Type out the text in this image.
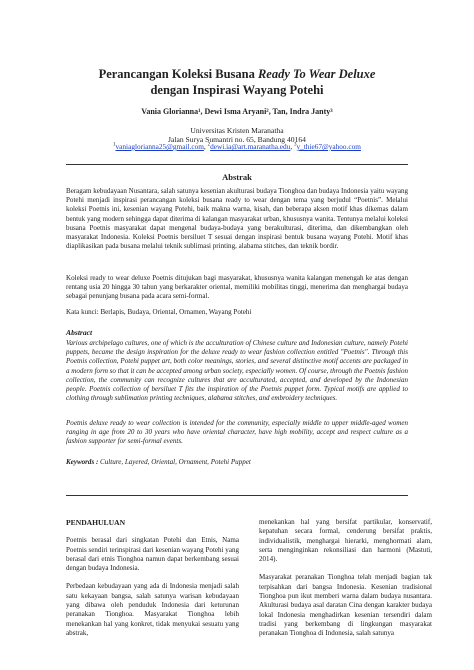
Perancangan Koleksi Busana Ready To Wear Deluxe
dengan Inspirasi Wayang Potehi
Vania Glorianna¹, Dewi Isma Aryani², Tan, Indra Janty³
Universitas Kristen Maranatha
Jalan Surya Sumantri no. 65, Bandung 40164
$^1$vaniaglorianna25@gmail.com, $^2$dewi.ia@art.maranatha.edu, $^3$y_thie67@yahoo.com
Abstrak

Beragam kebudayaan Nusantara, salah satunya kesenian akulturasi budaya Tionghoa dan budaya Indonesia yaitu wayang Potehi menjadi inspirasi perancangan koleksi busana ready to wear dengan tema yang berjudul “Poetnis”. Melalui koleksi Poetnis ini, kesenian wayang Potehi, baik makna warna, kisah, dan beberapa aksen motif khas dikemas dalam bentuk yang modern sehingga dapat diterima di kalangan masyarakat urban, khususnya wanita. Tentunya melalui koleksi busana Poetnis masyarakat dapat mengenal budaya-budaya yang berakulturasi, diterima, dan dikembangkan oleh masyarakat Indonesia. Koleksi Poetnis bersiluet T sesuai dengan inspirasi bentuk busana wayang Potehi. Motif khas diaplikasikan pada busana melalui teknik sublimasi printing, alabama stitches, dan teknik bordir.

Koleksi ready to wear deluxe Poetnis ditujukan bagi masyarakat, khususnya wanita kalangan menengah ke atas dengan rentang usia 20 hingga 30 tahun yang berkarakter oriental, memiliki mobilitas tinggi, menerima dan menghargai budaya sebagai penunjang busana pada acara semi-formal.

Kata kunci: Berlapis, Budaya, Oriental, Ornamen, Wayang Potehi

Abstract

Various archipelago cultures, one of which is the acculturation of Chinese culture and Indonesian culture, namely Potehi puppets, became the design inspiration for the deluxe ready to wear fashion collection entitled "Poetnis". Through this Poetnis collection, Potehi puppet art, both color meanings, stories, and several distinctive motif accents are packaged in a modern form so that it can be accepted among urban society, especially women. Of course, through the Poetnis fashion collection, the community can recognize cultures that are acculturated, accepted, and developed by the Indonesian people. Poetnis collection of bersiluet T fits the inspiration of the Poetnis puppet form. Typical motifs are applied to clothing through sublimation printing techniques, alabama stitches, and embroidery techniques.

Poetnis deluxe ready to wear collection is intended for the community, especially middle to upper middle-aged women ranging in age from 20 to 30 years who have oriental character, have high mobility, accept and respect culture as a fashion supporter for semi-formal events.

Keywords : Culture, Layered, Oriental, Ornament, Potehi Puppet

PENDAHULUAN

Poetnis berasal dari singkatan Potehi dan Etnis, Nama Poetnis sendiri terinspirasi dari kesenian wayang Potehi yang berasal dari etnis Tionghoa namun dapat berkembang sesuai dengan budaya Indonesia.

Perbedaan kebudayaan yang ada di Indonesia menjadi salah satu kekayaan bangsa, salah satunya warisan kebudayaan yang dibawa oleh penduduk Indonesia dari keturunan peranakan Tionghoa. Masyarakat Tionghoa lebih menekankan hal yang konkret, tidak menyukai sesuatu yang abstrak,

menekankan hal yang bersifat partikular, konservatif, kepatuhan secara formal, cenderung bersifat praktis, individualistik, menghargai hierarki, menghormati alam, serta menginginkan rekonsiliasi dan harmoni (Mastuti, 2014).

Masyarakat peranakan Tionghoa telah menjadi bagian tak terpisahkan dari bangsa Indonesia. Kesenian tradisional Tionghoa pun ikut memberi warna dalam budaya nusantara. Akulturasi budaya asal daratan Cina dengan karakter budaya lokal Indonesia menghadirkan kesenian tersendiri dalam tradisi yang berkembang di lingkungan masyarakat peranakan Tionghoa di Indonesia, salah satunya
